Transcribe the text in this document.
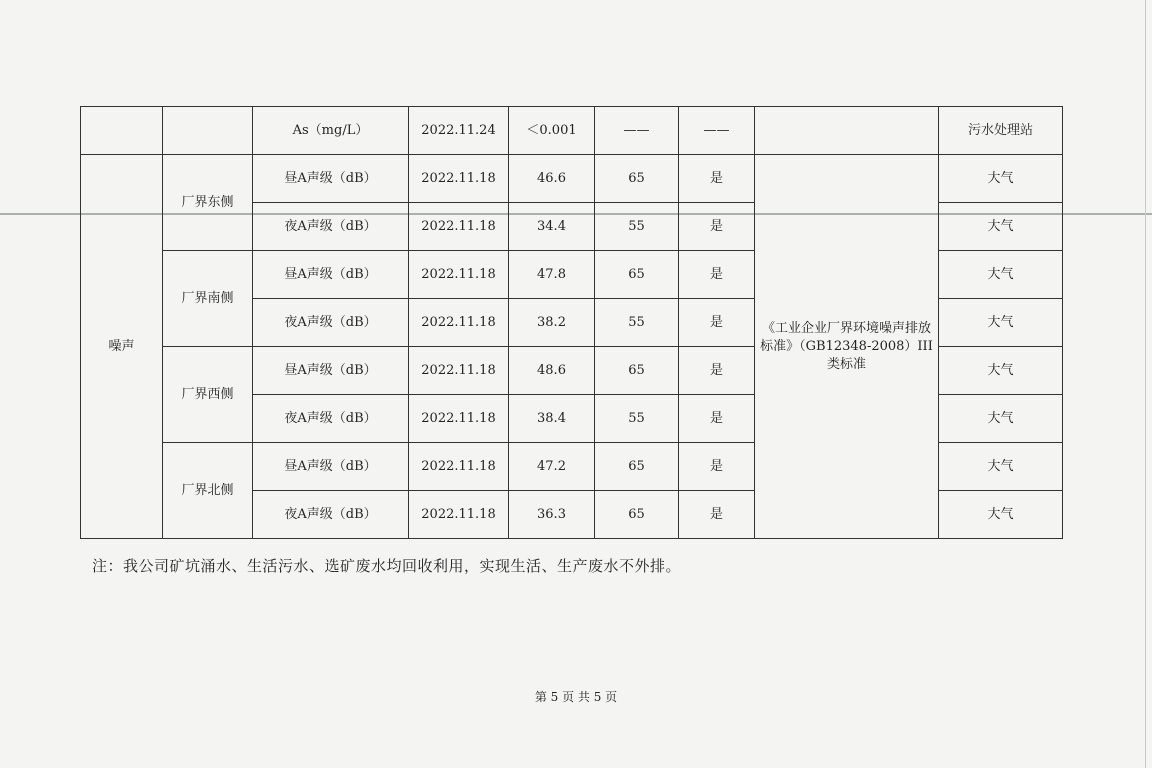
		As（mg/L）	2022.11.24	＜0.001	——	——		污水处理站
噪声	厂界东侧	昼A声级（dB）	2022.11.18	46.6	65	是	《工业企业厂界环境噪声排放标准》（GB12348-2008）III类标准	大气
		夜A声级（dB）	2022.11.18	34.4	55	是		大气
	厂界南侧	昼A声级（dB）	2022.11.18	47.8	65	是		大气
		夜A声级（dB）	2022.11.18	38.2	55	是		大气
	厂界西侧	昼A声级（dB）	2022.11.18	48.6	65	是		大气
		夜A声级（dB）	2022.11.18	38.4	55	是		大气
	厂界北侧	昼A声级（dB）	2022.11.18	47.2	65	是		大气
		夜A声级（dB）	2022.11.18	36.3	65	是		大气

注：我公司矿坑涌水、生活污水、选矿废水均回收利用，实现生活、生产废水不外排。

第 5 页 共 5 页
